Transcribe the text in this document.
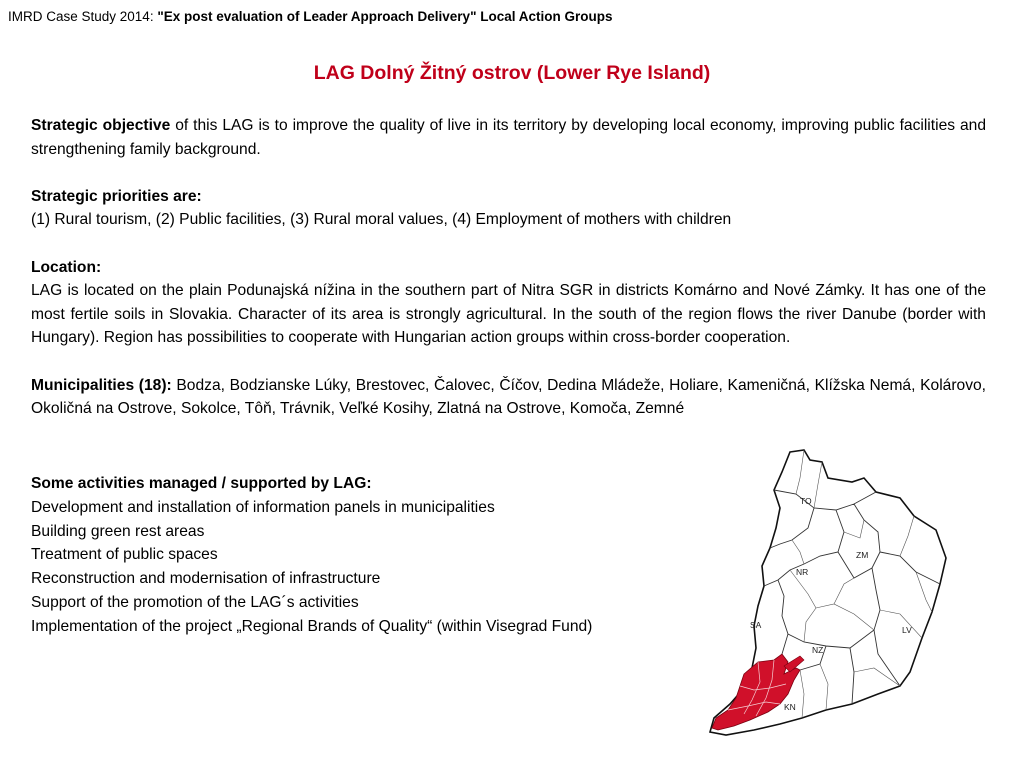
IMRD Case Study 2014: "Ex post evaluation of Leader Approach Delivery" Local Action Groups
LAG Dolný Žitný ostrov (Lower Rye Island)

Strategic objective of this LAG is to improve the quality of live in its territory by developing local economy, improving public facilities and strengthening family background.

Strategic priorities are:

(1) Rural tourism, (2) Public facilities, (3) Rural moral values, (4) Employment of mothers with children

Location:

LAG is located on the plain Podunajská nížina in the southern part of Nitra SGR in districts Komárno and Nové Zámky. It has one of the most fertile soils in Slovakia. Character of its area is strongly agricultural. In the south of the region flows the river Danube (border with Hungary). Region has possibilities to cooperate with Hungarian action groups within cross-border cooperation.

Municipalities (18): Bodza, Bodzianske Lúky, Brestovec, Čalovec, Číčov, Dedina Mládeže, Holiare, Kameničná, Klížska Nemá, Kolárovo, Okoličná na Ostrove, Sokolce, Tôň, Trávnik, Veľké Kosihy, Zlatná na Ostrove, Komoča, Zemné

Some activities managed / supported by LAG:
Development and installation of information panels in municipalities
Building green rest areas
Treatment of public spaces
Reconstruction and modernisation of infrastructure
Support of the promotion of the LAG´s activities
Implementation of the project „Regional Brands of Quality“ (within Visegrad Fund)
TO
ZM
NR
SA	LV
NZ
KN
